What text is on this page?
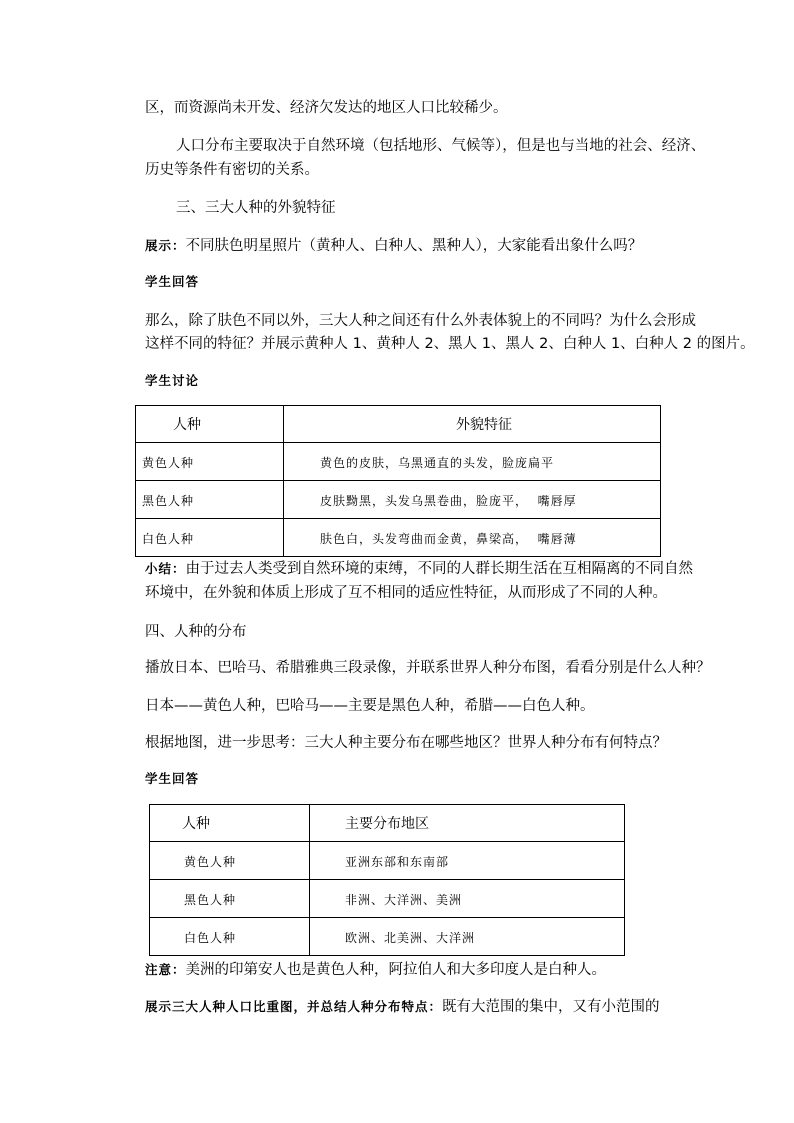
区，而资源尚未开发、经济欠发达的地区人口比较稀少。
人口分布主要取决于自然环境（包括地形、气候等），但是也与当地的社会、经济、
历史等条件有密切的关系。
三、三大人种的外貌特征
展示：不同肤色明星照片（黄种人、白种人、黑种人），大家能看出象什么吗？
学生回答
那么，除了肤色不同以外，三大人种之间还有什么外表体貌上的不同吗？为什么会形成
这样不同的特征？并展示黄种人 1、黄种人 2、黑人 1、黑人 2、白种人 1、白种人 2 的图片。
学生讨论
人种	外貌特征
黄色人种	黄色的皮肤，乌黑通直的头发，脸庞扁平
黑色人种	皮肤黝黑，头发乌黑卷曲，脸庞平，  嘴唇厚
白色人种	肤色白，头发弯曲而金黄，鼻梁高，  嘴唇薄
小结：由于过去人类受到自然环境的束缚，不同的人群长期生活在互相隔离的不同自然
环境中，在外貌和体质上形成了互不相同的适应性特征，从而形成了不同的人种。
四、人种的分布
播放日本、巴哈马、希腊雅典三段录像，并联系世界人种分布图，看看分别是什么人种？
日本——黄色人种，巴哈马——主要是黑色人种，希腊——白色人种。
根据地图，进一步思考：三大人种主要分布在哪些地区？世界人种分布有何特点？
学生回答
人种	主要分布地区
黄色人种	亚洲东部和东南部
黑色人种	非洲、大洋洲、美洲
白色人种	欧洲、北美洲、大洋洲
注意：美洲的印第安人也是黄色人种，阿拉伯人和大多印度人是白种人。
展示三大人种人口比重图，并总结人种分布特点：既有大范围的集中，又有小范围的
